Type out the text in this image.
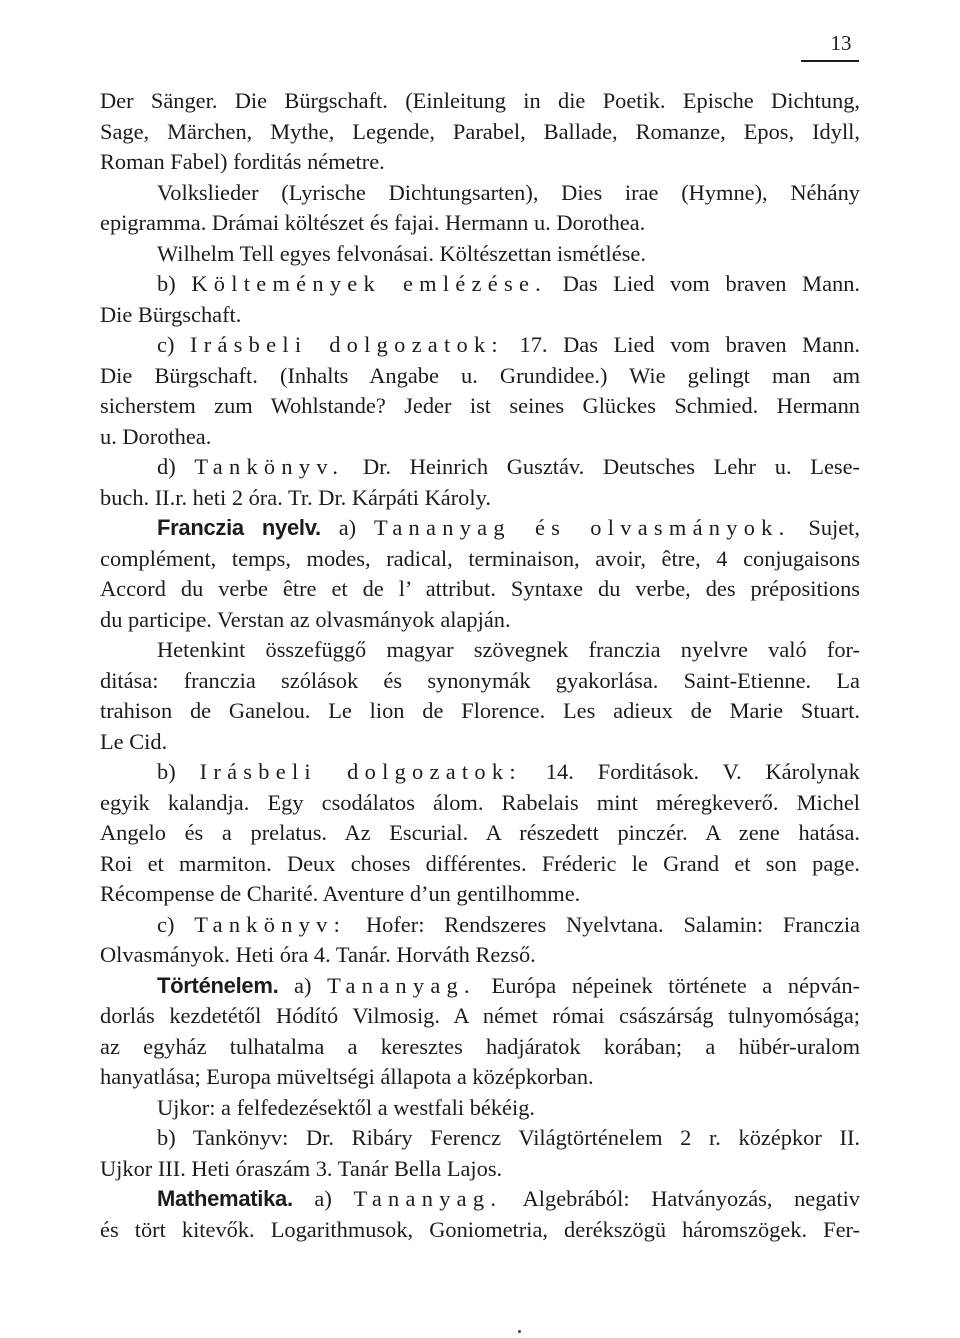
13

Der Sänger. Die Bürgschaft. (Einleitung in die Poetik. Epische Dichtung,

Sage, Märchen, Mythe, Legende, Parabel, Ballade, Romanze, Epos, Idyll,

Roman Fabel) forditás németre.

Volkslieder (Lyrische Dichtungsarten), Dies irae (Hymne), Néhány

epigramma. Drámai költészet és fajai. Hermann u. Dorothea.

Wilhelm Tell egyes felvonásai. Költészettan ismétlése.

b) Költemények emlézése. Das Lied vom braven Mann.

Die Bürgschaft.

c) Irásbeli dolgozatok: 17. Das Lied vom braven Mann.

Die Bürgschaft. (Inhalts Angabe u. Grundidee.) Wie gelingt man am

sicherstem zum Wohlstande? Jeder ist seines Glückes Schmied. Hermann

u. Dorothea.

d) Tankönyv. Dr. Heinrich Gusztáv. Deutsches Lehr u. Lese-

buch. II.r. heti 2 óra. Tr. Dr. Kárpáti Károly.

Franczia nyelv. a) Tananyag és olvasmányok. Sujet,

complément, temps, modes, radical, terminaison, avoir, être, 4 conjugaisons

Accord du verbe être et de l’ attribut. Syntaxe du verbe, des prépositions

du participe. Verstan az olvasmányok alapján.

Hetenkint összefüggő magyar szövegnek franczia nyelvre való for-

ditása: franczia szólások és synonymák gyakorlása. Saint-Etienne. La

trahison de Ganelou. Le lion de Florence. Les adieux de Marie Stuart.

Le Cid.

b) Irásbeli dolgozatok: 14. Forditások. V. Károlynak

egyik kalandja. Egy csodálatos álom. Rabelais mint méregkeverő. Michel

Angelo és a prelatus. Az Escurial. A részedett pinczér. A zene hatása.

Roi et marmiton. Deux choses différentes. Fréderic le Grand et son page.

Récompense de Charité. Aventure d’un gentilhomme.

c) Tankönyv: Hofer: Rendszeres Nyelvtana. Salamin: Franczia

Olvasmányok. Heti óra 4. Tanár. Horváth Rezső.

Történelem. a) Tananyag. Európa népeinek története a népván-

dorlás kezdetétől Hódító Vilmosig. A német római császárság tulnyomósága;

az egyház tulhatalma a keresztes hadjáratok korában; a hübér-uralom

hanyatlása; Europa müveltségi állapota a középkorban.

Ujkor: a felfedezésektől a westfali békéig.

b) Tankönyv: Dr. Ribáry Ferencz Világtörténelem 2 r. középkor II.

Ujkor III. Heti óraszám 3. Tanár Bella Lajos.

Mathematika. a) Tananyag. Algebrából: Hatványozás, negativ

és tört kitevők. Logarithmusok, Goniometria, derékszögü háromszögek. Fer-
